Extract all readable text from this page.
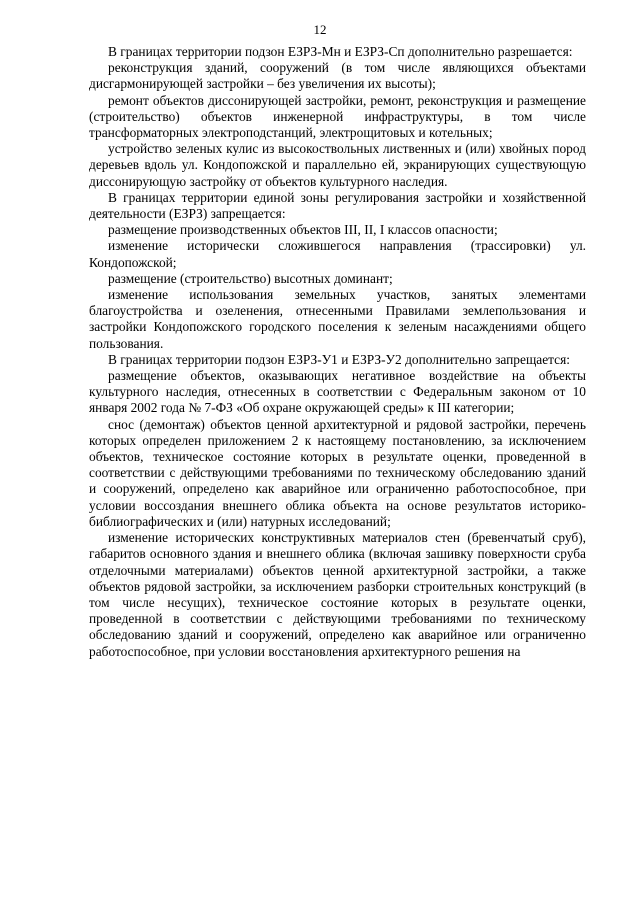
12

В границах территории подзон ЕЗРЗ-Мн и ЕЗРЗ-Сп дополнительно разрешается:

реконструкция зданий, сооружений (в том числе являющихся объектами дисгармонирующей застройки – без увеличения их высоты);

ремонт объектов диссонирующей застройки, ремонт, реконструкция и размещение (строительство) объектов инженерной инфраструктуры, в том числе трансформаторных электроподстанций, электрощитовых и котельных;

устройство зеленых кулис из высокоствольных лиственных и (или) хвойных пород деревьев вдоль ул. Кондопожской и параллельно ей, экранирующих существующую диссонирующую застройку от объектов культурного наследия.

В границах территории единой зоны регулирования застройки и хозяйственной деятельности (ЕЗРЗ) запрещается:

размещение производственных объектов III, II, I классов опасности;

изменение исторически сложившегося направления (трассировки) ул. Кондопожской;

размещение (строительство) высотных доминант;

изменение использования земельных участков, занятых элементами благоустройства и озеленения, отнесенными Правилами землепользования и застройки Кондопожского городского поселения к зеленым насаждениями общего пользования.

В границах территории подзон ЕЗРЗ-У1 и ЕЗРЗ-У2 дополнительно запрещается:

размещение объектов, оказывающих негативное воздействие на объекты культурного наследия, отнесенных в соответствии с Федеральным законом от 10 января 2002 года № 7-ФЗ «Об охране окружающей среды» к III категории;

снос (демонтаж) объектов ценной архитектурной и рядовой застройки, перечень которых определен приложением 2 к настоящему постановлению, за исключением объектов, техническое состояние которых в результате оценки, проведенной в соответствии с действующими требованиями по техническому обследованию зданий и сооружений, определено как аварийное или ограниченно работоспособное, при условии воссоздания внешнего облика объекта на основе результатов историко-библиографических и (или) натурных исследований;

изменение исторических конструктивных материалов стен (бревенчатый сруб), габаритов основного здания и внешнего облика (включая зашивку поверхности сруба отделочными материалами) объектов ценной архитектурной застройки, а также объектов рядовой застройки, за исключением разборки строительных конструкций (в том числе несущих), техническое состояние которых в результате оценки, проведенной в соответствии с действующими требованиями по техническому обследованию зданий и сооружений, определено как аварийное или ограниченно работоспособное, при условии восстановления архитектурного решения на
